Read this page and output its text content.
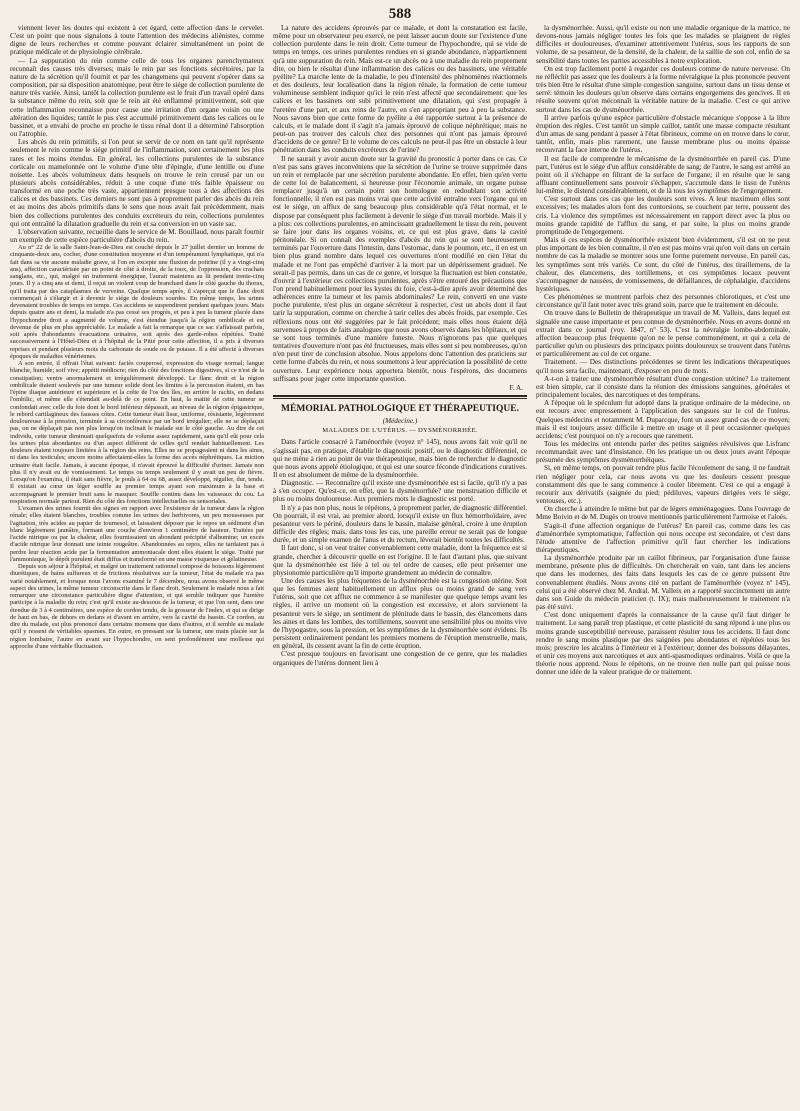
588

viennent lever les doutes qui existent à cet égard, cette affection dans le cervelet. C'est un point que nous signalons à toute l'attention des médecins aliénistes, comme digne de leurs recherches et comme pouvant éclairer simultanément un point de pratique médicale et de physiologie cérébrale.

— La suppuration du rein comme celle de tous les organes parenchymateux reconnaît des causes très diverses; mais le rein par ses fonctions sécrétoires, par la nature de la sécrétion qu'il fournit et par les changemens qui peuvent s'opérer dans sa composition, par sa disposition anatomique, peut être le siége de collection purulente de nature très variée. Ainsi, tantôt la collection purulente est le fruit d'un travail opéré dans la substance même du rein, soit que le rein ait été enflammé primitivement, soit que cette inflammation reconnaisse pour cause une irritation d'un organe voisin ou une altération des liquides; tantôt le pus s'est accumulé primitivement dans les calices ou le bassinet, et a envahi de proche en proche le tissu rénal dont il a déterminé l'absorption ou l'atrophie.

Les abcès du rein primitifs, si l'on peut se servir de ce nom en tant qu'il représente seulement le rein comme le siége primitif de l'inflammation, sont certainement les plus rares et les moins étendus. En général, les collections purulentes de la substance corticale ou mamelonnée ont le volume d'une tête d'épingle, d'une lentille ou d'une noisette. Les abcès volumineux dans lesquels on trouve le rein creusé par un ou plusieurs abcès considérables, réduit à une coque d'une très faible épaisseur ou transformé en une poche très vaste, appartiennent presque tous à des affections des calices et des bassinets. Ces derniers ne sont pas à proprement parler des abcès du rein et au moins des abcès primitifs dans le sens que nous avait fait précédemment, mais bien des collections purulentes des conduits excréteurs du rein, collections purulentes qui ont entraîné la dilatation graduelle du rein et sa conversion en un vaste sac.

L'observation suivante, recueillie dans le service de M. Bouillaud, nous paraît fournir un exemple de cette espèce particulière d'abcès du rein.

Au n° 22 de la salle Saint-Jean-de-Dieu est couché depuis le 27 juillet dernier un homme de cinquante-deux ans, cocher, d'une constitution moyenne et d'un tempérament lymphatique, qui n'a fait dans sa vie aucune maladie grave, si l'on en excepte une fluxion de poitrine (il y a vingt-cinq ans), affection caractérisée par un point de côté à droite, de la toux, de l'oppression, des crachats sanglans, etc., qui, malgré un traitement énergique, l'aurait maintenu au lit pendant trente-cinq jours. Il y a cinq ans et demi, il reçut un violent coup de branchard dans le côté gauche du thorax, qu'il traita par des cataplasmes de verveine. Quelque temps après, il s'aperçut que le flanc droit commençait à s'élargir et à devenir le siége de douleurs sourdes. En même temps, les urines devenaient troubles de temps en temps. Ces accidens se suspendirent pendant quelques jours. Mais depuis quatre ans et demi, la malade n'a pas cessé ses progrès, et peu à peu la tumeur placée dans l'hypochondre droit a augmenté de volume, s'est étendue jusqu'à la région ombilicale et est devenue de plus en plus appréciable. Le malade a fait la remarque que ce sac s'affaissait parfois, soit après d'abondantes évacuations urinaires, soit après des garde-robes répétées. Traité successivement à l'Hôtel-Dieu et à l'hôpital de la Pitié pour cette affection, il a pris à diverses reprises et pendant plusieurs mois du carbonate de soude ou de potasse. Il a été affecté à diverses époques de maladies vénériennes.

A son entrée, il offrait l'état suivant: faciès couperosé, expression du visage normal; langue blanche, humide; soif vive; appétit médiocre; rien du côté des fonctions digestives, si ce n'est de la constipation; ventre anormalement et irrégulièrement développé. Le flanc droit et la région ombilicale étaient soulevés par une tumeur solide dont les limites à la percussion étaient, en bas l'épine iliaque antérieure et supérieure et la crête de l'os des îles, en arrière le rachis, en dedans l'ombilic, et même elle s'étendait au-delà de ce point. En haut, la matité de cette tumeur se confondait avec celle du foie dont le bord inférieur dépassait, au niveau de la région épigastrique, le rebord cartilagineux des fausses côtes. Cette tumeur était lisse, uniforme, résistante, légèrement douloureuse à la pression, terminée à sa circonférence par un bord irrégulier; elle ne se déplaçait pas, on ne déplaçait pas non plus lorsqu'on inclinait le malade sur le côté gauche. Au dire de cet individu, cette tumeur diminuait quelquefois de volume assez rapidement, sans qu'il eût pour cela les urines plus abondantes ou d'un aspect différent de celles qu'il rendait habituellement. Les douleurs étaient toujours limitées à la région des reins. Elles ne se propageaient ni dans les aines, ni dans les testicules; encore moins affectaient-elles la forme des accès néphrétiques. La miction urinaire était facile. Jamais, à aucune époque, il n'avait éprouvé la difficulté d'uriner. Jamais non plus il n'y avait eu de vomissement. Le temps ou temps seulement il y avait un peu de fièvre. Lorsqu'on l'examina, il était sans fièvre, le pouls à 64 ou 68, assez développé, régulier, dur, tendu. Il existait au cœur un léger souffle au premier temps ayant son maximum à la base et accompagnant le premier bruit sans le masquer. Souffle continu dans les vaisseaux du cou. La respiration normale partout. Rien du côté des fonctions intellectuelles ou sensoriales.

L'examen des urines fournit des signes en rapport avec l'existence de la tumeur dans la région rénale; elles étaient blanches, troubles comme les urines des herbivores, un peu mousseuses par l'agitation, très acides au papier de tournesol, et laissaient déposer par le repos un sédiment d'un blanc légèrement jaunâtre, formant une couche d'environ 1 centimètre de hauteur. Traitées par l'acide nitrique ou par la chaleur, elles fournissaient un abondant précipité d'albumine; un excès d'acide nitrique leur donnait une teinte rougeâtre. Abandonnées au repos, elles ne tardaient pas à perdre leur réaction acide par la fermentation ammoniacale dont elles étaient le siége. Traité par l'ammoniaque, le dépôt purulent était diffus et transformé en une masse visqueuse et gélatineuse.

Depuis son séjour à l'hôpital, et malgré un traitement rationnel composé de boissons légèrement diurétiques, de bains sulfureux et de frictions résolutives sur la tumeur, l'état du malade n'a pas varié notablement, et lorsque nous l'avons examiné le 7 décembre, nous avons observé le même aspect des urines, la même tumeur circonscrite dans le flanc droit. Seulement le malade nous a fait remarquer une circonstance particulière digne d'attention, et qui semble indiquer que l'uretère participe à la maladie du rein; c'est qu'il existe au-dessous de la tumeur, et que l'on sent, dans une étendue de 3 à 4 centimètres, une espèce de cordon tendu, de la grosseur de l'index, et qui se dirige de haut en bas, de dehors en dedans et d'avant en arrière, vers la cavité du bassin. Ce cordon, au dire du malade, est plus prononcé dans certains momens que dans d'autres, et il semble au malade qu'il y ressent de véritables spasmes. En outre, en pressant sur la tumeur, une main placée sur la région lombaire, l'autre en avant sur l'hypochondre, on sent profondément une mollesse qui approche d'une véritable fluctuation.

La nature des accidens éprouvés par ce malade, et dont la constatation est facile, même pour un observateur peu exercé, ne peut laisser aucun doute sur l'existence d'une collection purulente dans le rein droit. Cette tumeur de l'hypochondre, qui se vide de temps en temps, ces urines purulentes rendues en si grande abondance, n'appartiennent qu'à une suppuration du rein. Mais est-ce un abcès ou à une maladie du rein proprement dite, ou bien le résultat d'une inflammation des calices ou des bassinets, une véritable pyélite? La marche lente de la maladie, le peu d'intensité des phénomènes réactionnels et des douleurs, leur localisation dans la région rénale, la formation de cette tumeur volumineuse semblent indiquer qu'ici le rein n'est affecté que secondairement: que les calices et les bassinets ont subi primitivement une dilatation, qui s'est propagée à l'uretère d'une part, et aux reins de l'autre, en s'en appropriant peu à peu la substance. Nous savons bien que cette forme de pyélite a été rapportée surtout à la présence de calculs, et le malade dont il s'agit n'a jamais éprouvé de colique néphrétique; mais ne peut-on pas trouver des calculs chez des personnes qui n'ont pas jamais éprouvé d'accidens de ce genre? Et le volume de ces calculs ne peut-il pas être un obstacle à leur pénétration dans les conduits excréteurs de l'urine?

Il ne saurait y avoir aucun doute sur la gravité du pronostic à porter dans ce cas. Ce n'est pas sans graves inconvéniens que la sécrétion de l'urine se trouve supprimée dans un rein et remplacée par une sécrétion purulente abondante. En effet, bien qu'en vertu de cette loi de balancement, si heureuse pour l'économie animale, un organe puisse remplacer jusqu'à un certain point son homologue en redoublant son activité fonctionnelle, il n'en est pas moins vrai que cette activité entraîne vers l'organe qui en est le siége, un afflux de sang beaucoup plus considérable qu'à l'état normal, et le dispose par conséquent plus facilement à devenir le siége d'un travail morbide. Mais il y a plus: ces collections purulentes, en amincissant graduellement le tissu du rein, peuvent se faire jour dans les organes voisins, et, ce qui est plus grave, dans la cavité péritonéale. Si on connaît des exemples d'abcès du rein qui se sont heureusement terminés par l'ouverture dans l'intestin, dans l'estomac, dans le poumon, etc., il en est un bien plus grand nombre dans lequel ces ouvertures n'ont modifié en rien l'état du malade et ne l'ont pas empêché d'arriver à la mort par un dépérissement graduel. Ne serait-il pas permis, dans un cas de ce genre, et lorsque la fluctuation est bien constatée, d'ouvrir à l'extérieur ces collections purulentes, après s'être entouré des précautions que l'on prend habituellement pour les kystes du foie, c'est-à-dire après avoir déterminé des adhérences entre la tumeur et les parois abdominales? Le rein, converti en une vaste poche purulente, n'est plus un organe sécréteur à respecter, c'est un abcès dont il faut tarir la suppuration, comme on cherche à tarir celles des abcès froids, par exemple. Ces réflexions nous ont été suggérées par le fait précédent; mais elles nous étaient déjà survenues à propos de faits analogues que nous avons observés dans les hôpitaux, et qui se sont tous terminés d'une manière funeste. Nous n'ignorons pas que quelques tentatives d'ouverture n'ont pas été fructueuses, mais elles sont si peu nombreuses, qu'on n'en peut tirer de conclusion absolue. Nous appelons donc l'attention des praticiens sur cette forme d'abcès du rein, et nous soumettons à leur appréciation la possibilité de cette ouverture. Leur expérience nous apportera bientôt, nous l'espérons, des documens suffisans pour juger cette importante question.

F. A.
MÉMORIAL PATHOLOGIQUE ET THÉRAPEUTIQUE.
(Médecine.)
MALADIES DE L'UTÉRUS. — DYSMÉNORRHÉE.

Dans l'article consacré à l'aménorrhée (voyez n° 145), nous avons fait voir qu'il ne s'agissait pas, en pratique, d'établir le diagnostic positif, ou le diagnostic différentiel, ce qui ne mène à rien au point de vue thérapeutique, mais bien de rechercher le diagnostic que nous avons appelé étiologique, et qui est une source féconde d'indications curatives. Il en est absolument de même de la dysménorrhée.

Diagnostic. — Reconnaître qu'il existe une dysménorrhée est si facile, qu'il n'y a pas à s'en occuper. Qu'est-ce, en effet, que la dysménorrhée? une menstruation difficile et plus ou moins douloureuse. Aux premiers mots le diagnostic est porté.

Il n'y a pas non plus, nous le répétons, à proprement parler, de diagnostic différentiel. On pourrait, il est vrai, au premier abord, lorsqu'il existe un flux hémorrhoïdaire, avec pesanteur vers le périné, douleurs dans le bassin, malaise général, croire à une éruption difficile des règles; mais, dans tous les cas, une pareille erreur ne serait pas de longue durée, et un simple examen de l'anus et du rectum, lèverait bientôt toutes les difficultés.

Il faut donc, si on veut traiter convenablement cette maladie, dont la fréquence est si grande, chercher à découvrir quelle en est l'origine. Il le faut d'autant plus, que suivant que la dysménorrhée est liée à tel ou tel ordre de causes, elle peut présenter une physionomie particulière qu'il importe grandement au médecin de connaître.

Une des causes les plus fréquentes de la dysménorrhée est la congestion utérine. Soit que les femmes aient habituellement un afflux plus ou moins grand de sang vers l'utérus, soit que cet afflux ne commence à se manifester que quelque temps avant les règles, il arrive un moment où la congestion est excessive, et alors survienent la pesanteur vers le siége, un sentiment de plénitude dans le bassin, des élancemens dans les aines et dans les lombes, des tortillemens, souvent une sensibilité plus ou moins vive de l'hypogastre, sous la pression, et les symptômes de la dysménorrhée sont évidens. Ils persistent ordinairement pendant les premiers momens de l'éruption menstruelle, mais, en général, ils cessent avant la fin de cette éruption.

C'est presque toujours en favorisant une congestion de ce genre, que les maladies organiques de l'utérus donnent lieu à

la dysménorrhée. Aussi, qu'il existe ou non une maladie organique de la matrice, ne devons-nous jamais négliger toutes les fois que les malades se plaignent de règles difficiles et douloureuses, d'examiner attentivement l'utérus, sous les rapports de son volume, de sa pesanteur, de la densité, de la chaleur, de la saillie de son col, enfin de sa sensibilité dans toutes les parties accessibles à notre exploration.

On est trop facilement porté à regarder ces douleurs comme de nature nerveuse. On ne réfléchit pas assez que les douleurs à la forme névralgique la plus prononcée peuvent très bien être le résultat d'une simple congestion sanguine, surtout dans un tissu dense et serré: témoin les douleurs qu'on observe dans certains engorgemens des gencives. Il en résulte souvent qu'on méconnaît la véritable nature de la maladie. C'est ce qui arrive surtout dans les cas de dysménorrhée.

Il arrive parfois qu'une espèce particulière d'obstacle mécanique s'oppose à la libre éruption des règles. C'est tantôt un simple caillot, tantôt une masse compacte résultant d'un amas de sang pendant à passer à l'état fibrineux, comme on en trouve dans le cœur, tantôt, enfin, mais plus rarement, une fausse membrane plus ou moins épaisse recouvrant la face interne de l'utérus.

Il est facile de comprendre le mécanisme de la dysménorrhée en pareil cas. D'une part, l'utérus est le siége d'un afflux considérable de sang; de l'autre, le sang est arrêté au point où il s'échappe en filtrant de la surface de l'organe; il en résulte que le sang affluant continuellement sans pouvoir s'échapper, s'accumule dans le tissu de l'utérus lui-même, le distend considérablement, et de là tous les symptômes de l'engorgement.

C'est surtout dans ces cas que les douleurs sont vives. A leur maximum elles sont excessives; les malades alors font des contorsions, se couchent par terre, poussent des cris. La violence des symptômes est nécessairement en rapport direct avec la plus ou moins grande rapidité de l'afflux du sang, et par suite, la plus ou moins grande promptitude de l'engorgement.

Mais si ces espèces de dysménorrhée existent bien évidemment, s'il est on ne peut plus important de les bien connaître, il n'en est pas moins vrai qu'on voit dans un certain nombre de cas la maladie se montrer sous une forme purement nerveuse. En pareil cas, les symptômes sont très variés. Ce sont, du côté de l'utérus, des tiraillemens, de la chaleur, des élancemens, des tortillemens, et ces symptômes locaux peuvent s'accompagner de nausées, de vomissemens, de défaillances, de céphalalgie, d'accidens hystériques.

Ces phénomènes se montrent parfois chez des personnes chlorotiques, et c'est une circonstance qu'il faut noter avec très grand soin, parce que le traitement en découle.

On trouve dans le Bulletin de thérapeutique un travail de M. Valleix, dans lequel est signalée une cause importante et peu connue de dysménorrhée. Nous en avons donné en extrait dans ce journal (voy. 1847, nº 53). C'est la névralgie lombo-abdominale, affection beaucoup plus fréquente qu'on ne le pense communément, et qui a cela de particulier qu'un ou plusieurs des principaux points douloureux se trouvent dans l'utérus et particulièrement au col de cet organe.

Traitement. — Des distinctions précédentes se tirent les indications thérapeutiques qu'il nous sera facile, maintenant, d'exposer en peu de mots.

A-t-on à traiter une dysménorrhée résultant d'une congestion utérine? Le traitement est bien simple, car il consiste dans la réunion des émissions sanguines, générales et principalement locales, des narcotiques et des tempérans.

A l'époque où le spéculum fut adopté dans la pratique ordinaire de la médecine, on eut recours avec empressement à l'application des sangsues sur le col de l'utérus. Quelques médecins et notamment M. Duparcque, font un assez grand cas de ce moyen; mais il est toujours assez difficile à mettre en usage et il peut occasionner quelques accidens; c'est pourquoi on n'y a recours que rarement.

Tous les médecins ont entendu parler des petites saignées révulsives que Lisfranc recommandait avec tant d'insistance. On les pratique un ou deux jours avant l'époque présumée des symptômes dysménorrhéiques.

Si, en même temps, on pouvait rendre plus facile l'écoulement du sang, il ne faudrait rien négliger pour cela, car nous avons vu que les douleurs cessent presque constamment dès que le sang commence à couler librement. C'est ce qui a engagé à recourir aux dérivatifs (saignée du pied; pédiluves, vapeurs dirigées vers le siége, ventouses, etc.).

On cherche à atteindre le même but par de légers emménagogues. Dans l'ouvrage de Mme Boivin et de M. Dugès on trouve mentionnés particulièrement l'armoise et l'aloès.

S'agit-il d'une affection organique de l'utérus? En pareil cas, comme dans les cas d'aménorrhée symptomatique, l'affection qui nous occupe est secondaire, et c'est dans l'étude attentive de l'affection primitive qu'il faut chercher les indications thérapeutiques.

La dysménorrhée produite par un caillot fibrineux, par l'organisation d'une fausse membrane, présente plus de difficultés. On chercherait en vain, tant dans les anciens que dans les modernes, des faits dans lesquels les cas de ce genre puissent être convenablement étudiés. Nous avons cité en parlant de l'aménorrhée (voyez nº 145), celui qui a été observé chez M. Andral. M. Valleix en a rapporté succinctement un autre dans son Guide du médecin praticien (t. IX); mais malheureusement le traitement n'a pas été suivi.

C'est donc uniquement d'après la connaissance de la cause qu'il faut diriger le traitement. Le sang paraît trop plastique, et cette plasticité du sang répond à une plus ou moins grande susceptibilité nerveuse, paraissent résulter tous les accidens. Il faut donc rendre le sang moins plastique par des saignées peu abondantes et répétées tous les mois; prescrire les alcalins à l'intérieur et à l'extérieur; donner des boissons délayantes, et unir ces moyens aux narcotiques et aux anti-spasmodiques ordinaires. Voilà ce que la théorie nous apprend. Nous le répétons, on ne trouve rien nulle part qui puisse nous donner une idée de la valeur pratique de ce traitement.
